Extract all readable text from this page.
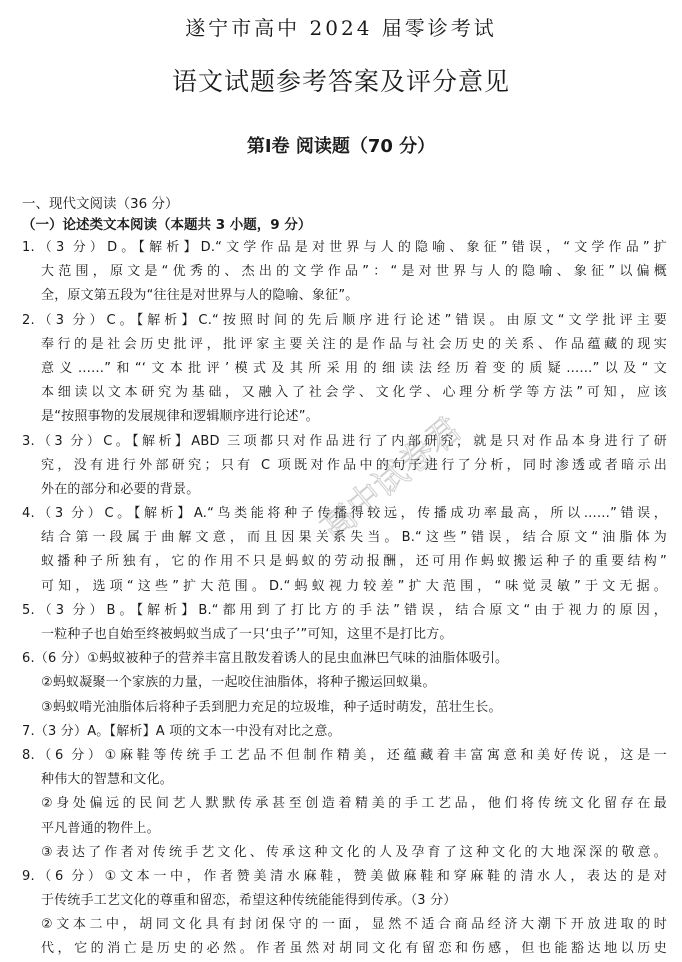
遂宁市高中 2024 届零诊考试
语文试题参考答案及评分意见
第Ⅰ卷 阅读题（70 分）
一、现代文阅读（36 分）
（一）论述类文本阅读（本题共 3 小题，9 分）
1.（3 分）D。【解析】D.“文学作品是对世界与人的隐喻、象征”错误，“文学作品”扩
大范围，原文是“优秀的、杰出的文学作品”：“是对世界与人的隐喻、象征”以偏概
全，原文第五段为“往往是对世界与人的隐喻、象征”。
2.（3 分）C。【解析】C.“按照时间的先后顺序进行论述”错误。由原文“文学批评主要
奉行的是社会历史批评，批评家主要关注的是作品与社会历史的关系、作品蕴藏的现实
意义……”和“‘文本批评’模式及其所采用的细读法经历着变的质疑……”以及“文
本细读以文本研究为基础，又融入了社会学、文化学、心理分析学等方法”可知，应该
是“按照事物的发展规律和逻辑顺序进行论述”。
3.（3 分）C。【解析】ABD 三项都只对作品进行了内部研究，就是只对作品本身进行了研
究，没有进行外部研究；只有 C 项既对作品中的句子进行了分析，同时渗透或者暗示出
外在的部分和必要的背景。
4.（3 分）C。【解析】A.“鸟类能将种子传播得较远，传播成功率最高，所以……”错误，
结合第一段属于曲解文意，而且因果关系失当。B.“这些”错误，结合原文“油脂体为
蚁播种子所独有，它的作用不只是蚂蚁的劳动报酬，还可用作蚂蚁搬运种子的重要结构”
可知，选项“这些”扩大范围。D.“蚂蚁视力较差”扩大范围，“味觉灵敏”于文无据。
5.（3 分）B。【解析】B.“都用到了打比方的手法”错误，结合原文“由于视力的原因，
一粒种子也自始至终被蚂蚁当成了一只‘虫子’”可知，这里不是打比方。
6.（6 分）①蚂蚁被种子的营养丰富且散发着诱人的昆虫血淋巴气味的油脂体吸引。
②蚂蚁凝聚一个家族的力量，一起咬住油脂体，将种子搬运回蚁巢。
③蚂蚁啃光油脂体后将种子丢到肥力充足的垃圾堆，种子适时萌发，茁壮生长。
7.（3 分）A。【解析】A 项的文本一中没有对比之意。
8.（6 分）①麻鞋等传统手工艺品不但制作精美，还蕴藏着丰富寓意和美好传说，这是一
种伟大的智慧和文化。
②身处偏远的民间艺人默默传承甚至创造着精美的手工艺品，他们将传统文化留存在最
平凡普通的物件上。
③表达了作者对传统手艺文化、传承这种文化的人及孕育了这种文化的大地深深的敬意。
9.（6 分）①文本一中，作者赞美清水麻鞋，赞美做麻鞋和穿麻鞋的清水人，表达的是对
于传统手工艺文化的尊重和留恋，希望这种传统能能得到传承。（3 分）
②文本二中，胡同文化具有封闭保守的一面，显然不适合商品经济大潮下开放进取的时
代，它的消亡是历史的必然。作者虽然对胡同文化有留恋和伤感，但也能豁达地以历史
高中试卷君
